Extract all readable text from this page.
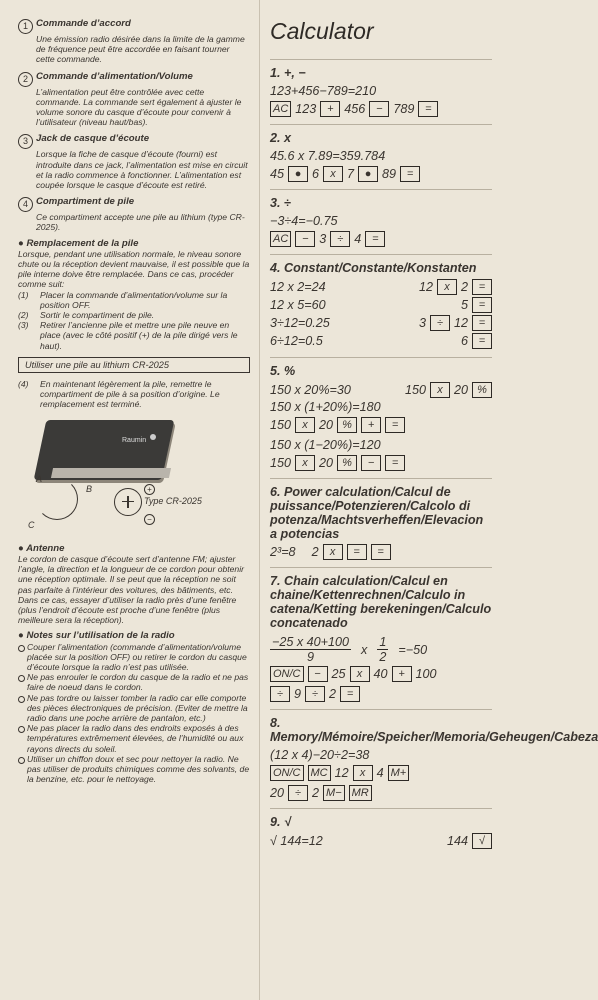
1 Commande d’accord
Une émission radio désirée dans la limite de la gamme de fréquence peut être accordée en faisant tourner cette commande.
2 Commande d’alimentation/Volume
L’alimentation peut être contrôlée avec cette commande. La commande sert également à ajuster le volume sonore du casque d’écoute pour convenir à l’utilisateur (niveau haut/bas).
3 Jack de casque d’écoute
Lorsque la fiche de casque d’écoute (fourni) est introduite dans ce jack, l’alimentation est mise en circuit et la radio commence à fonctionner. L’alimentation est coupée lorsque le casque d’écoute est retiré.
4 Compartiment de pile
Ce compartiment accepte une pile au lithium (type CR-2025).
● Remplacement de la pile
Lorsque, pendant une utilisation normale, le niveau sonore chute ou la réception devient mauvaise, il est possible que la pile interne doive être remplacée. Dans ce cas, procéder comme suit:
(1) Placer la commande d’alimentation/volume sur la position OFF.
(2) Sortir le compartiment de pile.
(3) Retirer l’ancienne pile et mettre une pile neuve en place (avec le côté positif (+) de la pile dirigé vers le haut).
Utiliser une pile au lithium CR-2025
(4) En maintenant légèrement la pile, remettre le compartiment de pile à sa position d’origine. Le remplacement est terminé.
Raumin
A
B
C
+
−
Type CR-2025
● Antenne
Le cordon de casque d’écoute sert d’antenne FM; ajuster l’angle, la direction et la longueur de ce cordon pour obtenir une réception optimale. Il se peut que la réception ne soit pas parfaite à l’intérieur des voitures, des bâtiments, etc. Dans ce cas, essayer d’utiliser la radio près d’une fenêtre (plus l’endroit d’écoute est proche d’une fenêtre (plus meilleure sera la réception).
● Notes sur l’utilisation de la radio
Couper l’alimentation (commande d’alimentation/volume placée sur la position OFF) ou retirer le cordon du casque d’écoute lorsque la radio n’est pas utilisée.
Ne pas enrouler le cordon du casque de la radio et ne pas faire de noeud dans le cordon.
Ne pas tordre ou laisser tomber la radio car elle comporte des pièces électroniques de précision. (Eviter de mettre la radio dans une poche arrière de pantalon, etc.)
Ne pas placer la radio dans des endroits exposés à des températures extrêmement élevées, de l’humidité ou aux rayons directs du soleil.
Utiliser un chiffon doux et sec pour nettoyer la radio. Ne pas utiliser de produits chimiques comme des solvants, de la benzine, etc. pour le nettoyage.
Calculator
1. +, −
123+456−789=210
AC 123 + 456 − 789 =
2. x
45.6 x 7.89=359.784
45 ● 6	x 7 ● 89 =
3. ÷
−3÷4=−0.75
AC	− 3 ÷ 4 =
4. Constant/Constante/Konstanten
12 x 2=24	12	x 2 =
12 x 5=60	5 =
3÷12=0.25	3 ÷ 12 =
6÷12=0.5	6 =
5. %
150 x 20%=30	150	x 20 %
150 x (1+20%)=180
150	x 20 %	+	=
150 x (1−20%)=120
150	x 20 %	−	=
6. Power calculation/Calcul de puissance/Potenzieren/Calcolo di potenza/Machtsverheffen/Elevacion a potencias
2³=8 2	x	=	=
7. Chain calculation/Calcul en chaine/Kettenrechnen/Calculo in catena/Ketting berekeningen/Calculo concatenado
−25 x 40+100
9
x $\frac{1}{2} =-50$
ON/C	− 25	x 40 + 100
÷ 9 ÷ 2 =
8. Memory/Mémoire/Speicher/Memoria/Geheugen/Cabeza
(12 x 4)−20÷2=38
ON/C MC 12	x 4 M+
20 ÷ 2 M− MR
9. √
√ 144=12	144 √
